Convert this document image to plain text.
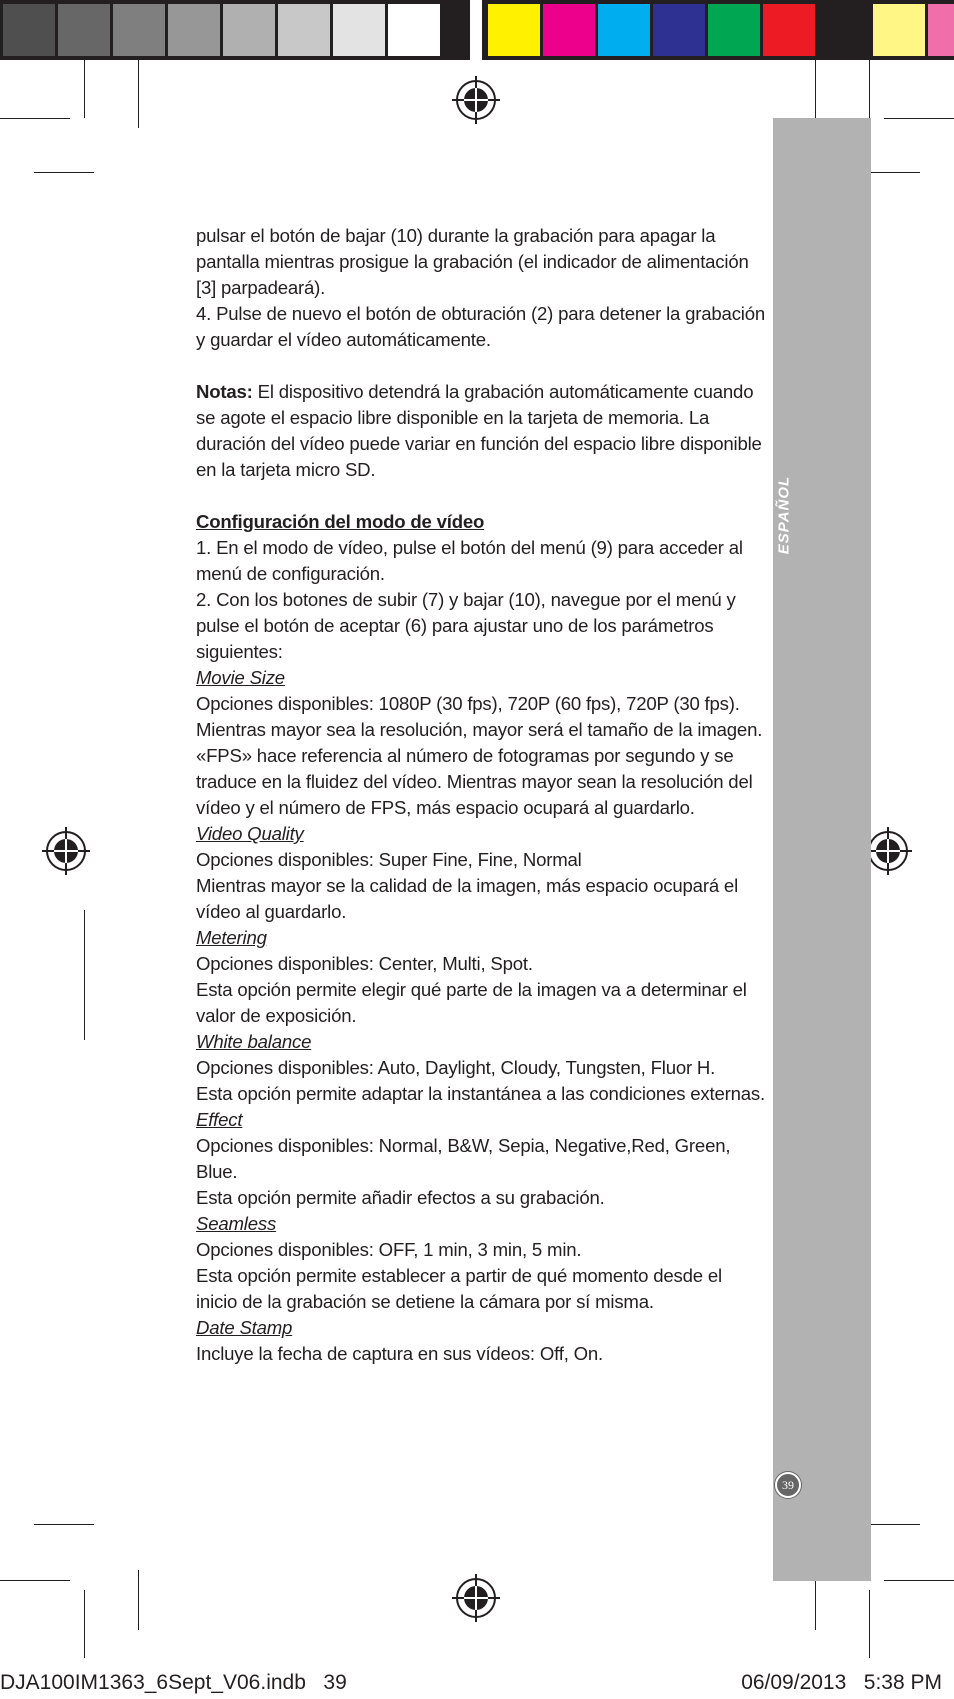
ESPAÑOL
39

pulsar el botón de bajar (10) durante la grabación para apagar la pantalla mientras prosigue la grabación (el indicador de alimentación [3] parpadeará).

4. Pulse de nuevo el botón de obturación (2) para detener la grabación y guardar el vídeo automáticamente.

Notas: El dispositivo detendrá la grabación automáticamente cuando se agote el espacio libre disponible en la tarjeta de memoria. La duración del vídeo puede variar en función del espacio libre disponible en la tarjeta micro SD.

Configuración del modo de vídeo

1. En el modo de vídeo, pulse el botón del menú (9) para acceder al menú de configuración.

2. Con los botones de subir (7) y bajar (10), navegue por el menú y pulse el botón de aceptar (6) para ajustar uno de los parámetros siguientes:

Movie Size

Opciones disponibles: 1080P (30 fps), 720P (60 fps), 720P (30 fps).

Mientras mayor sea la resolución, mayor será el tamaño de la imagen. «FPS» hace referencia al número de fotogramas por segundo y se traduce en la fluidez del vídeo. Mientras mayor sean la resolución del vídeo y el número de FPS, más espacio ocupará al guardarlo.

Video Quality

Opciones disponibles: Super Fine, Fine, Normal

Mientras mayor se la calidad de la imagen, más espacio ocupará el vídeo al guardarlo.

Metering

Opciones disponibles: Center, Multi, Spot.

Esta opción permite elegir qué parte de la imagen va a determinar el valor de exposición.

White balance

Opciones disponibles: Auto, Daylight, Cloudy, Tungsten, Fluor H.

Esta opción permite adaptar la instantánea a las condiciones externas.

Effect

Opciones disponibles: Normal, B&W, Sepia, Negative,Red, Green, Blue.

Esta opción permite añadir efectos a su grabación.

Seamless

Opciones disponibles: OFF, 1 min, 3 min, 5 min.

Esta opción permite establecer a partir de qué momento desde el inicio de la grabación se detiene la cámara por sí misma.

Date Stamp

Incluye la fecha de captura en sus vídeos: Off, On.

DJA100IM1363_6Sept_V06.indb   39	06/09/2013   5:38 PM
